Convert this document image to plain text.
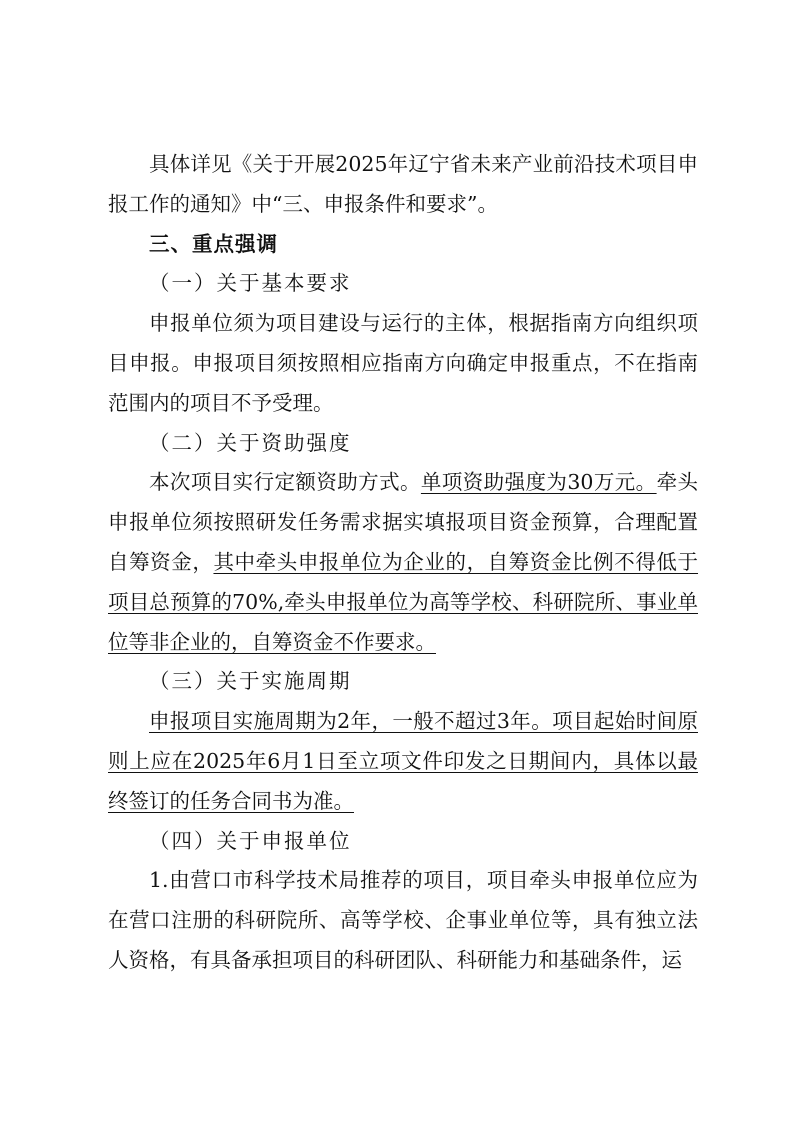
具体详见《关于开展2025年辽宁省未来产业前沿技术项目申报工作的通知》中“三、申报条件和要求”。

三、重点强调

（一）关于基本要求

申报单位须为项目建设与运行的主体，根据指南方向组织项目申报。申报项目须按照相应指南方向确定申报重点，不在指南范围内的项目不予受理。

（二）关于资助强度

本次项目实行定额资助方式。单项资助强度为30万元。牵头申报单位须按照研发任务需求据实填报项目资金预算，合理配置自筹资金，其中牵头申报单位为企业的，自筹资金比例不得低于项目总预算的70%,牵头申报单位为高等学校、科研院所、事业单位等非企业的，自筹资金不作要求。

（三）关于实施周期

申报项目实施周期为2年，一般不超过3年。项目起始时间原则上应在2025年6月1日至立项文件印发之日期间内，具体以最终签订的任务合同书为准。

（四）关于申报单位

1.由营口市科学技术局推荐的项目，项目牵头申报单位应为在营口注册的科研院所、高等学校、企事业单位等，具有独立法人资格，有具备承担项目的科研团队、科研能力和基础条件，运
